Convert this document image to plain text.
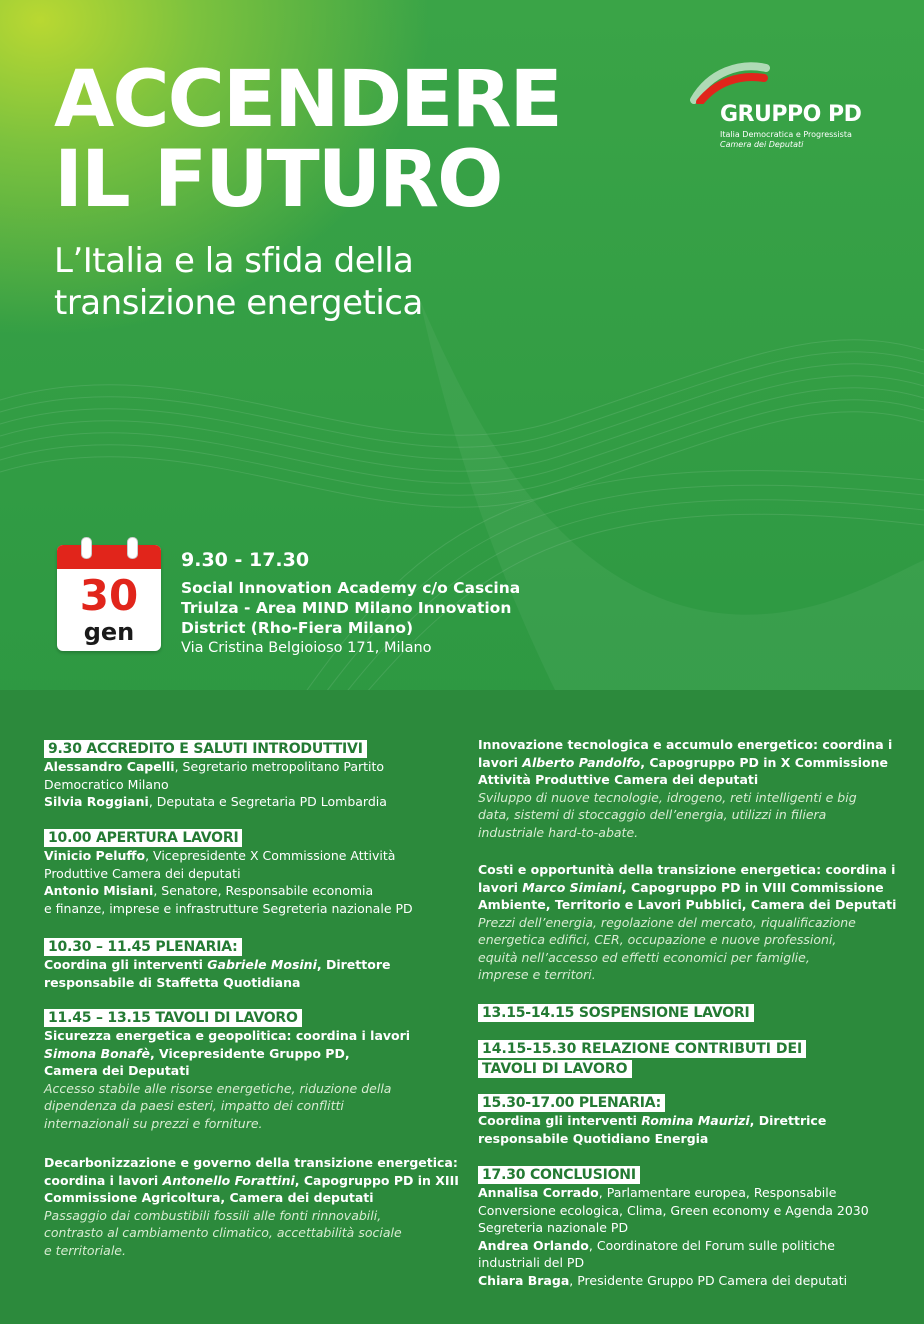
ACCENDERE
IL FUTURO
L’Italia e la sfida della
transizione energetica
GRUPPO PD
Italia Democratica e Progressista
Camera dei Deputati
30
gen
9.30 - 17.30
Social Innovation Academy c/o Cascina
Triulza - Area MIND Milano Innovation
District (Rho-Fiera Milano)
Via Cristina Belgioioso 171, Milano
9.30 ACCREDITO E SALUTI INTRODUTTIVI

Alessandro Capelli, Segretario metropolitano Partito

Democratico Milano

Silvia Roggiani, Deputata e Segretaria PD Lombardia

10.00 APERTURA LAVORI

Vinicio Peluffo, Vicepresidente X Commissione Attività

Produttive Camera dei deputati

Antonio Misiani, Senatore, Responsabile economia

e finanze, imprese e infrastrutture Segreteria nazionale PD

10.30 – 11.45 PLENARIA:

Coordina gli interventi Gabriele Mosini, Direttore

responsabile di Staffetta Quotidiana

11.45 – 13.15 TAVOLI DI LAVORO

Sicurezza energetica e geopolitica: coordina i lavori

Simona Bonafè, Vicepresidente Gruppo PD,

Camera dei Deputati

Accesso stabile alle risorse energetiche, riduzione della

dipendenza da paesi esteri, impatto dei conflitti

internazionali su prezzi e forniture.

Decarbonizzazione e governo della transizione energetica:

coordina i lavori Antonello Forattini, Capogruppo PD in XIII

Commissione Agricoltura, Camera dei deputati

Passaggio dai combustibili fossili alle fonti rinnovabili,

contrasto al cambiamento climatico, accettabilità sociale

e territoriale.

Innovazione tecnologica e accumulo energetico: coordina i

lavori Alberto Pandolfo, Capogruppo PD in X Commissione

Attività Produttive Camera dei deputati

Sviluppo di nuove tecnologie, idrogeno, reti intelligenti e big

data, sistemi di stoccaggio dell’energia, utilizzi in filiera

industriale hard-to-abate.

Costi e opportunità della transizione energetica: coordina i

lavori Marco Simiani, Capogruppo PD in VIII Commissione

Ambiente, Territorio e Lavori Pubblici, Camera dei Deputati

Prezzi dell’energia, regolazione del mercato, riqualificazione

energetica edifici, CER, occupazione e nuove professioni,

equità nell’accesso ed effetti economici per famiglie,

imprese e territori.

13.15-14.15 SOSPENSIONE LAVORI
14.15-15.30 RELAZIONE CONTRIBUTI DEI
TAVOLI DI LAVORO
15.30-17.00 PLENARIA:

Coordina gli interventi Romina Maurizi, Direttrice

responsabile Quotidiano Energia

17.30 CONCLUSIONI

Annalisa Corrado, Parlamentare europea, Responsabile

Conversione ecologica, Clima, Green economy e Agenda 2030

Segreteria nazionale PD

Andrea Orlando, Coordinatore del Forum sulle politiche

industriali del PD

Chiara Braga, Presidente Gruppo PD Camera dei deputati
